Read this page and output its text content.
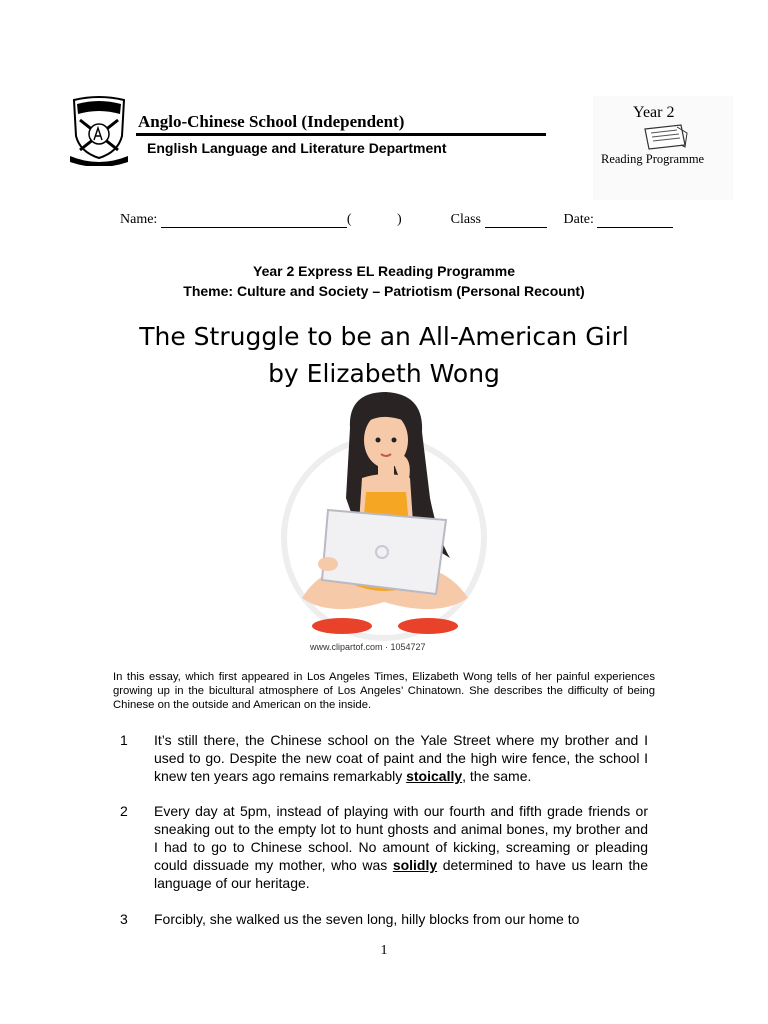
Anglo-Chinese School (Independent)
English Language and Literature Department
Year 2
Reading Programme
Name:	(	)	Class	Date:
Year 2 Express EL Reading Programme
Theme: Culture and Society – Patriotism (Personal Recount)
The Struggle to be an All-American Girl
by Elizabeth Wong
www.clipartof.com · 1054727
In this essay, which first appeared in Los Angeles Times, Elizabeth Wong tells of her painful experiences growing up in the bicultural atmosphere of Los Angeles’ Chinatown. She describes the difficulty of being Chinese on the outside and American on the inside.
1 It’s still there, the Chinese school on the Yale Street where my brother and I used to go. Despite the new coat of paint and the high wire fence, the school I knew ten years ago remains remarkably stoically, the same.
2 Every day at 5pm, instead of playing with our fourth and fifth grade friends or sneaking out to the empty lot to hunt ghosts and animal bones, my brother and I had to go to Chinese school. No amount of kicking, screaming or pleading could dissuade my mother, who was solidly determined to have us learn the language of our heritage.
3 Forcibly, she walked us the seven long, hilly blocks from our home to
1
